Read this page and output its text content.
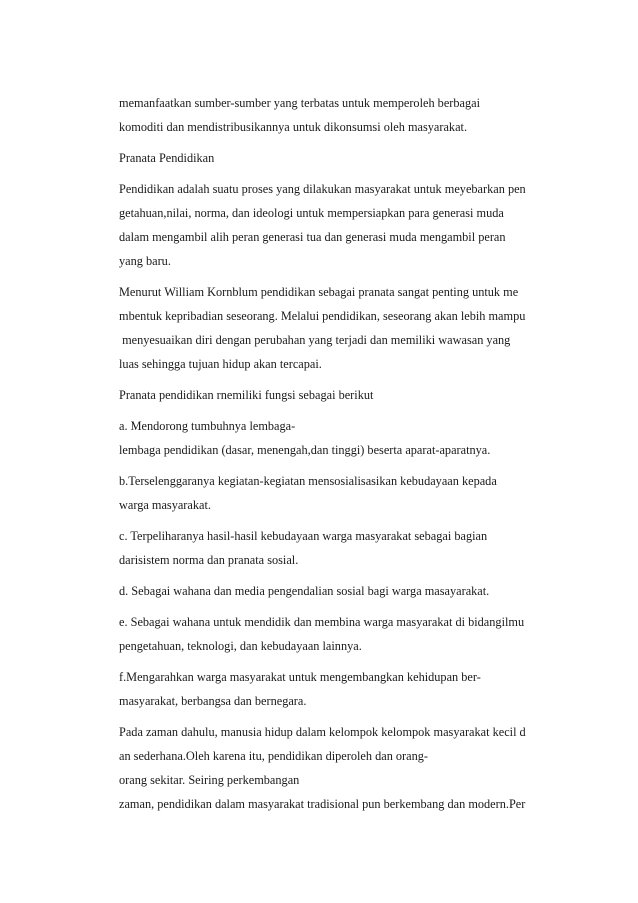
memanfaatkan sumber-sumber yang terbatas untuk memperoleh berbagai
komoditi dan mendistribusikannya untuk dikonsumsi oleh masyarakat.
Pranata Pendidikan
Pendidikan adalah suatu proses yang dilakukan masyarakat untuk meyebarkan pen
getahuan,nilai, norma, dan ideologi untuk mempersiapkan para generasi muda
dalam mengambil alih peran generasi tua dan generasi muda mengambil peran
yang baru.
Menurut William Kornblum pendidikan sebagai pranata sangat penting untuk me
mbentuk kepribadian seseorang. Melalui pendidikan, seseorang akan lebih mampu
menyesuaikan diri dengan perubahan yang terjadi dan memiliki wawasan yang
luas sehingga tujuan hidup akan tercapai.
Pranata pendidikan rnemiliki fungsi sebagai berikut
a. Mendorong tumbuhnya lembaga-
lembaga pendidikan (dasar, menengah,dan tinggi) beserta aparat-aparatnya.
b.Terselenggaranya kegiatan-kegiatan mensosialisasikan kebudayaan kepada
warga masyarakat.
c. Terpeliharanya hasil-hasil kebudayaan warga masyarakat sebagai bagian
darisistem norma dan pranata sosial.
d. Sebagai wahana dan media pengendalian sosial bagi warga masayarakat.
e. Sebagai wahana untuk mendidik dan membina warga masyarakat di bidangilmu
pengetahuan, teknologi, dan kebudayaan lainnya.
f.Mengarahkan warga masyarakat untuk mengembangkan kehidupan ber-
masyarakat, berbangsa dan bernegara.
Pada zaman dahulu, manusia hidup dalam kelompok kelompok masyarakat kecil d
an sederhana.Oleh karena itu, pendidikan diperoleh dan orang-
orang sekitar. Seiring perkembangan
zaman, pendidikan dalam masyarakat tradisional pun berkembang dan modern.Per
